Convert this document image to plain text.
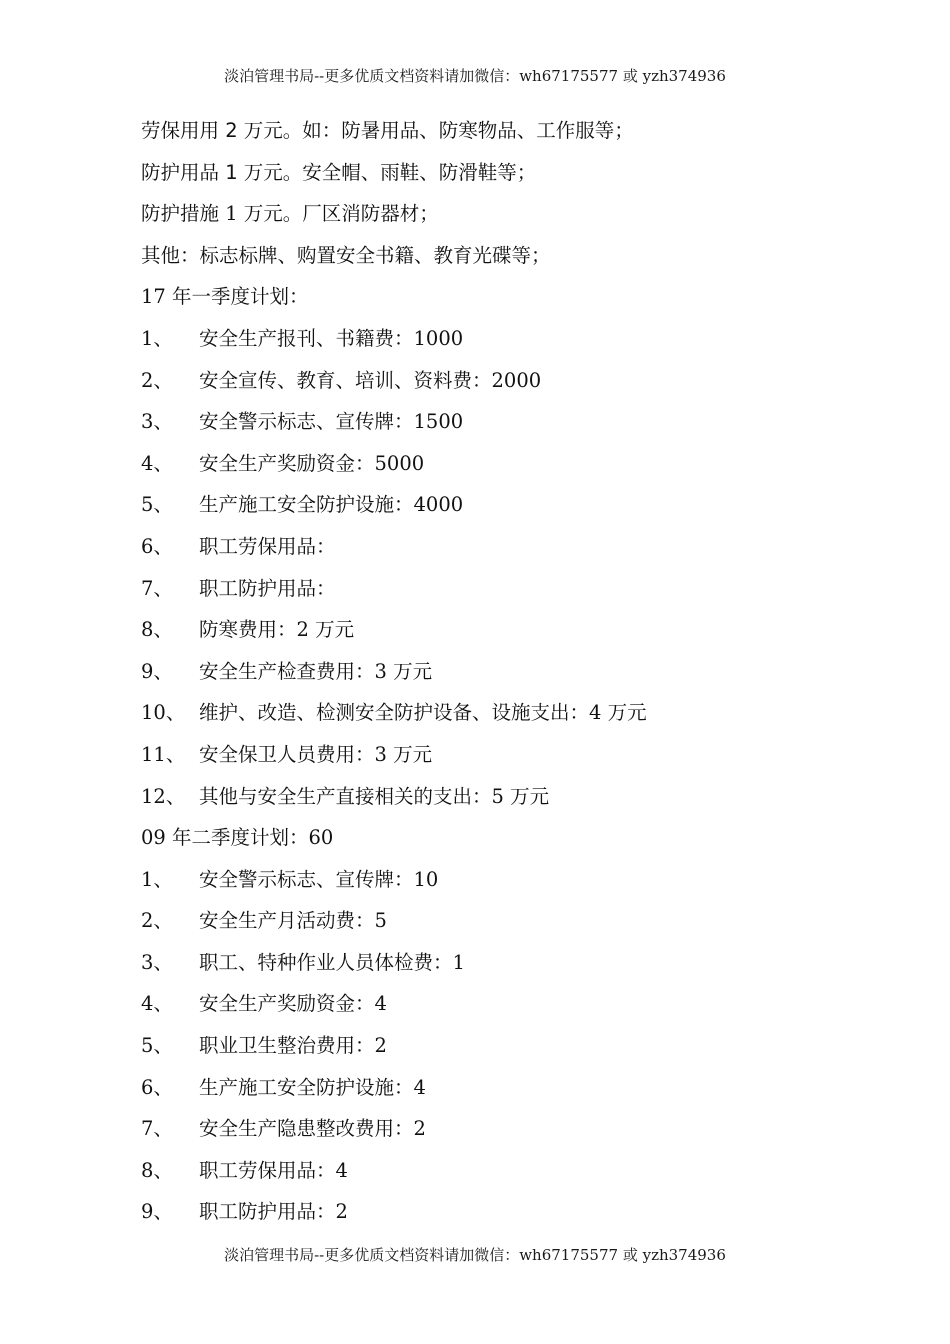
淡泊管理书局--更多优质文档资料请加微信：wh67175577 或 yzh374936
劳保用用 2 万元。如：防暑用品、防寒物品、工作服等；
防护用品 1 万元。安全帽、雨鞋、防滑鞋等；
防护措施 1 万元。厂区消防器材；
其他：标志标牌、购置安全书籍、教育光碟等；
17 年一季度计划：
1、 安全生产报刊、书籍费：1000
2、 安全宣传、教育、培训、资料费：2000
3、 安全警示标志、宣传牌：1500
4、 安全生产奖励资金：5000
5、 生产施工安全防护设施：4000
6、 职工劳保用品：
7、 职工防护用品：
8、 防寒费用：2 万元
9、 安全生产检查费用：3 万元
10、 维护、改造、检测安全防护设备、设施支出：4 万元
11、 安全保卫人员费用：3 万元
12、 其他与安全生产直接相关的支出：5 万元
09 年二季度计划：60
1、 安全警示标志、宣传牌：10
2、 安全生产月活动费：5
3、 职工、特种作业人员体检费：1
4、 安全生产奖励资金：4
5、 职业卫生整治费用：2
6、 生产施工安全防护设施：4
7、 安全生产隐患整改费用：2
8、 职工劳保用品：4
9、 职工防护用品：2
淡泊管理书局--更多优质文档资料请加微信：wh67175577 或 yzh374936
